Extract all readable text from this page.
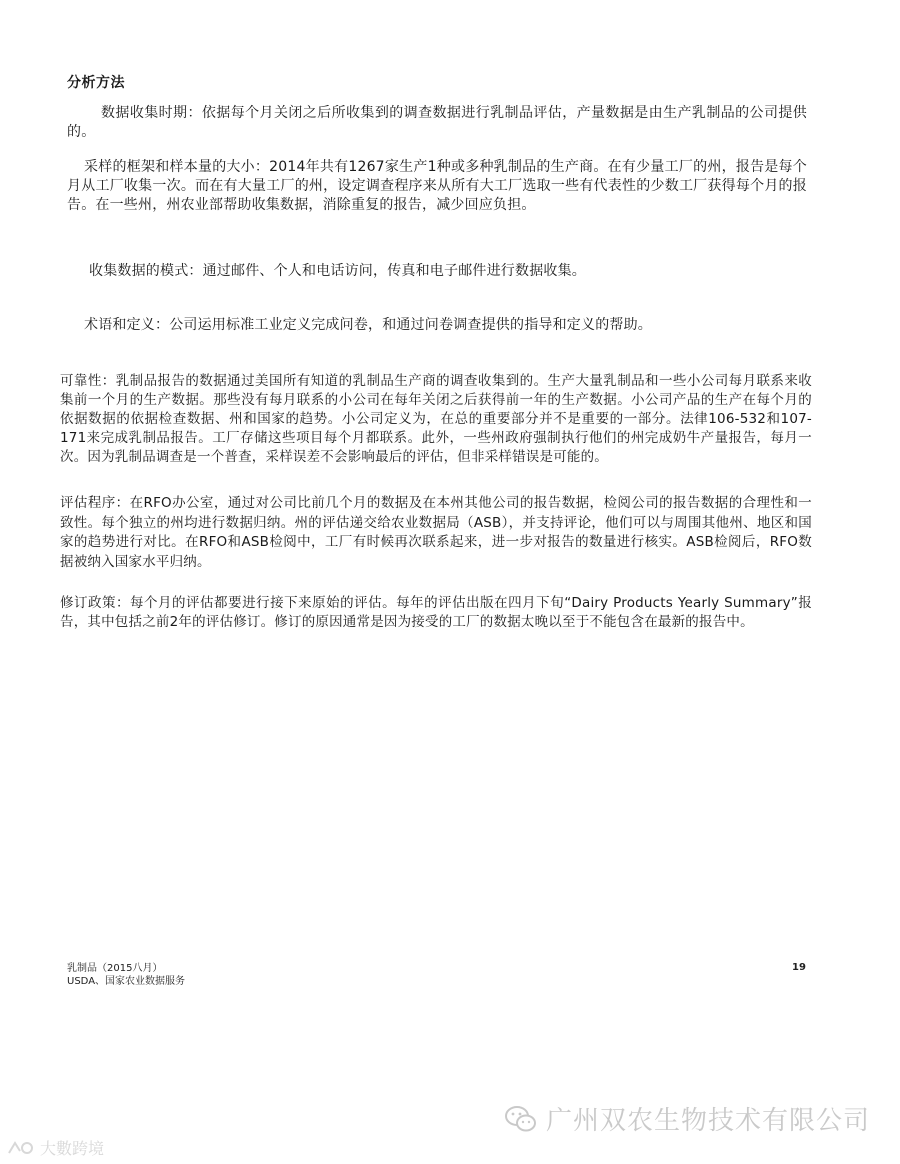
分析方法

数据收集时期：依据每个月关闭之后所收集到的调查数据进行乳制品评估，产量数据是由生产乳制品的公司提供的。

采样的框架和样本量的大小：2014年共有1267家生产1种或多种乳制品的生产商。在有少量工厂的州，报告是每个月从工厂收集一次。而在有大量工厂的州，设定调查程序来从所有大工厂选取一些有代表性的少数工厂获得每个月的报告。在一些州，州农业部帮助收集数据，消除重复的报告，减少回应负担。

收集数据的模式：通过邮件、个人和电话访问，传真和电子邮件进行数据收集。

术语和定义：公司运用标准工业定义完成问卷，和通过问卷调查提供的指导和定义的帮助。

可靠性：乳制品报告的数据通过美国所有知道的乳制品生产商的调查收集到的。生产大量乳制品和一些小公司每月联系来收集前一个月的生产数据。那些没有每月联系的小公司在每年关闭之后获得前一年的生产数据。小公司产品的生产在每个月的依据数据的依据检查数据、州和国家的趋势。小公司定义为，在总的重要部分并不是重要的一部分。法律106-532和107-171来完成乳制品报告。工厂存储这些项目每个月都联系。此外，一些州政府强制执行他们的州完成奶牛产量报告，每月一次。因为乳制品调查是一个普查，采样误差不会影响最后的评估，但非采样错误是可能的。

评估程序：在RFO办公室，通过对公司比前几个月的数据及在本州其他公司的报告数据，检阅公司的报告数据的合理性和一致性。每个独立的州均进行数据归纳。州的评估递交给农业数据局（ASB），并支持评论，他们可以与周围其他州、地区和国家的趋势进行对比。在RFO和ASB检阅中，工厂有时候再次联系起来，进一步对报告的数量进行核实。ASB检阅后，RFO数据被纳入国家水平归纳。

修订政策：每个月的评估都要进行接下来原始的评估。每年的评估出版在四月下旬“Dairy Products Yearly Summary”报告，其中包括之前2年的评估修订。修订的原因通常是因为接受的工厂的数据太晚以至于不能包含在最新的报告中。

乳制品（2015八月）
USDA、国家农业数据服务
19
广州双农生物技术有限公司
大數跨境
